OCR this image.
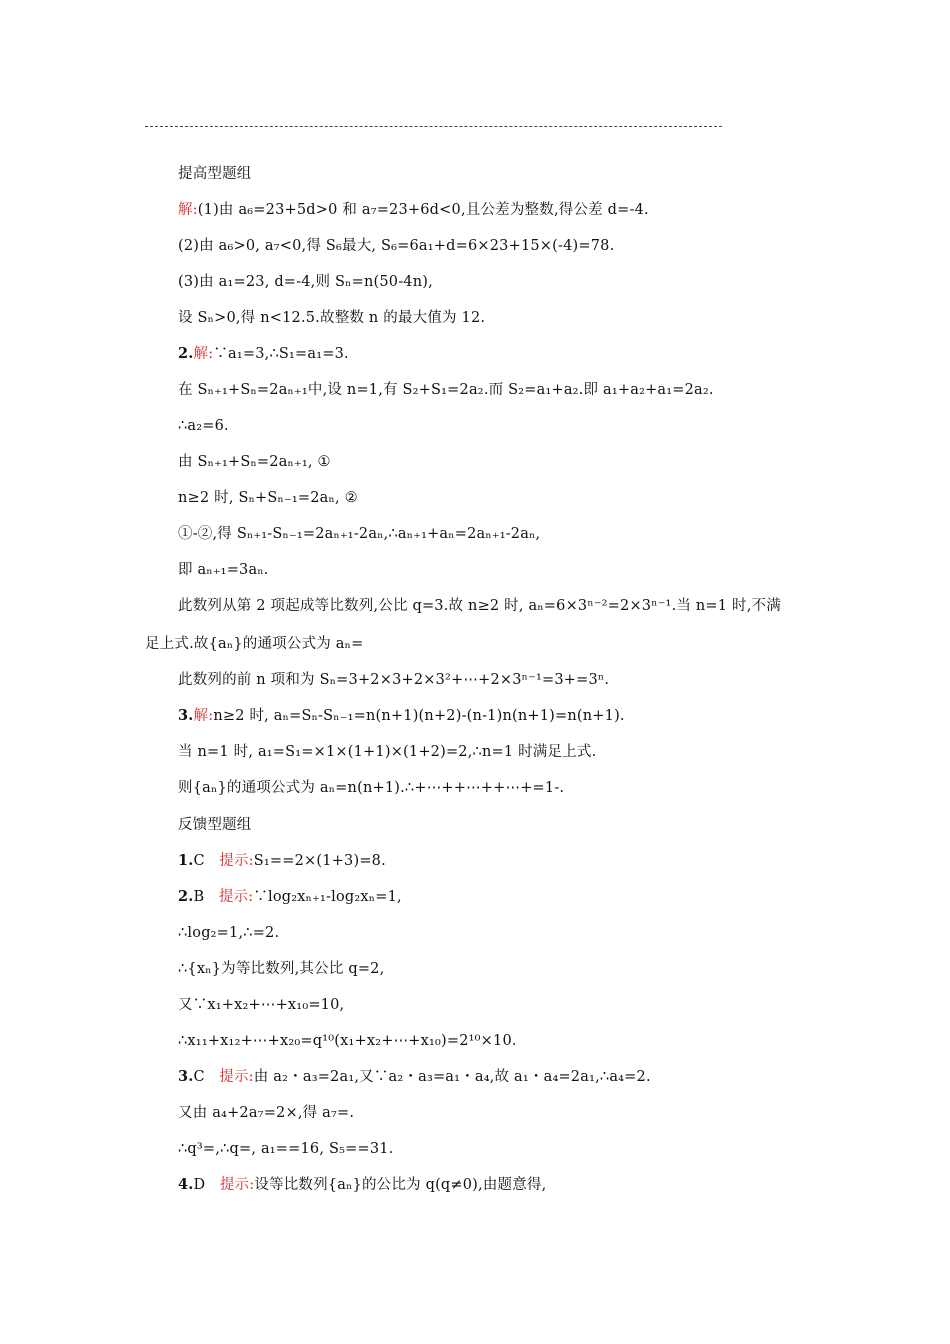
提高型题组
解:(1)由 a₆=23+5d>0 和 a₇=23+6d<0,且公差为整数,得公差 d=-4.
(2)由 a₆>0, a₇<0,得 S₆最大, S₆=6a₁+d=6×23+15×(-4)=78.
(3)由 a₁=23, d=-4,则 Sₙ=n(50-4n),
设 Sₙ>0,得 n<12.5.故整数 n 的最大值为 12.
2.解:∵a₁=3,∴S₁=a₁=3.
在 Sₙ₊₁+Sₙ=2aₙ₊₁中,设 n=1,有 S₂+S₁=2a₂.而 S₂=a₁+a₂.即 a₁+a₂+a₁=2a₂.
∴a₂=6.
由 Sₙ₊₁+Sₙ=2aₙ₊₁, ①
n≥2 时, Sₙ+Sₙ₋₁=2aₙ, ②
①-②,得 Sₙ₊₁-Sₙ₋₁=2aₙ₊₁-2aₙ,∴aₙ₊₁+aₙ=2aₙ₊₁-2aₙ,
即 aₙ₊₁=3aₙ.
此数列从第 2 项起成等比数列,公比 q=3.故 n≥2 时, aₙ=6×3ⁿ⁻²=2×3ⁿ⁻¹.当 n=1 时,不满
足上式.故{aₙ}的通项公式为 aₙ=
此数列的前 n 项和为 Sₙ=3+2×3+2×3²+⋯+2×3ⁿ⁻¹=3+=3ⁿ.
3.解:n≥2 时, aₙ=Sₙ-Sₙ₋₁=n(n+1)(n+2)-(n-1)n(n+1)=n(n+1).
当 n=1 时, a₁=S₁=×1×(1+1)×(1+2)=2,∴n=1 时满足上式.
则{aₙ}的通项公式为 aₙ=n(n+1).∴+⋯++⋯++⋯+=1-.
反馈型题组
1.C 提示:S₁==2×(1+3)=8.
2.B 提示:∵log₂xₙ₊₁-log₂xₙ=1,
∴log₂=1,∴=2.
∴{xₙ}为等比数列,其公比 q=2,
又∵x₁+x₂+⋯+x₁₀=10,
∴x₁₁+x₁₂+⋯+x₂₀=q¹⁰(x₁+x₂+⋯+x₁₀)=2¹⁰×10.
3.C 提示:由 a₂・a₃=2a₁,又∵a₂・a₃=a₁・a₄,故 a₁・a₄=2a₁,∴a₄=2.
又由 a₄+2a₇=2×,得 a₇=.
∴q³=,∴q=, a₁==16, S₅==31.
4.D 提示:设等比数列{aₙ}的公比为 q(q≠0),由题意得,
